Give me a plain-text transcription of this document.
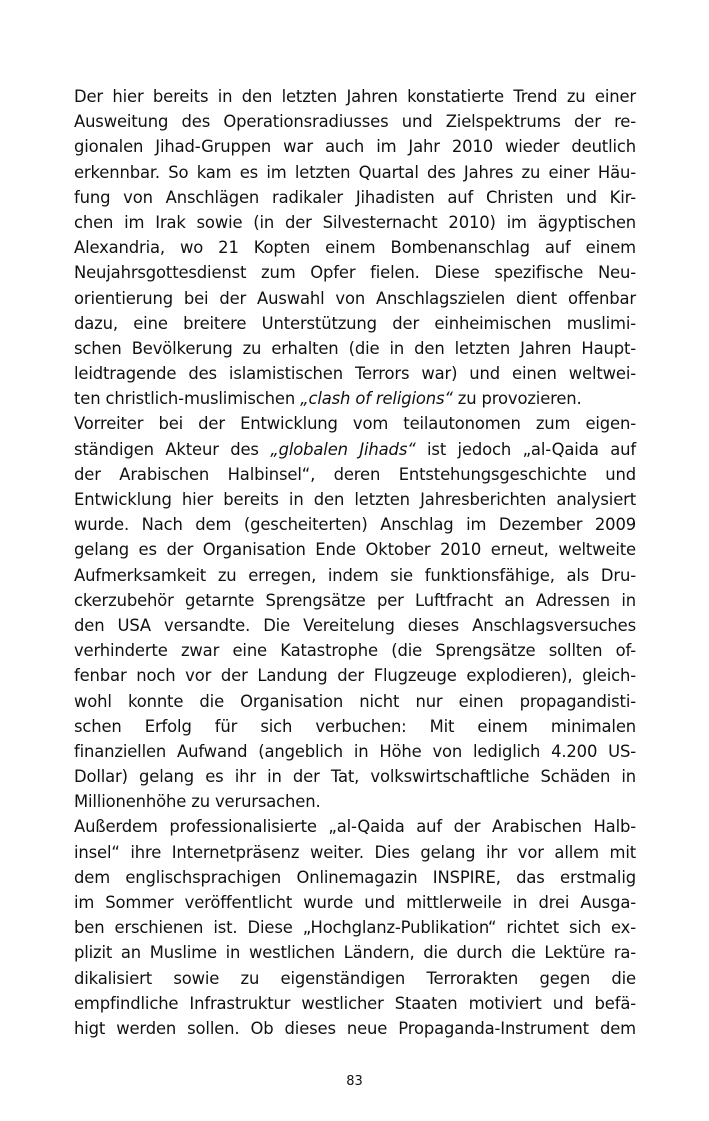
Der hier bereits in den letzten Jahren konstatierte Trend zu einer
Ausweitung des Operationsradiusses und Zielspektrums der re-
gionalen Jihad-Gruppen war auch im Jahr 2010 wieder deutlich
erkennbar. So kam es im letzten Quartal des Jahres zu einer Häu-
fung von Anschlägen radikaler Jihadisten auf Christen und Kir-
chen im Irak sowie (in der Silvesternacht 2010) im ägyptischen
Alexandria, wo 21 Kopten einem Bombenanschlag auf einem
Neujahrsgottesdienst zum Opfer fielen. Diese spezifische Neu-
orientierung bei der Auswahl von Anschlagszielen dient offenbar
dazu, eine breitere Unterstützung der einheimischen muslimi-
schen Bevölkerung zu erhalten (die in den letzten Jahren Haupt-
leidtragende des islamistischen Terrors war) und einen weltwei-
ten christlich-muslimischen „clash of religions“ zu provozieren.
Vorreiter bei der Entwicklung vom teilautonomen zum eigen-
ständigen Akteur des „globalen Jihads“ ist jedoch „al-Qaida auf
der Arabischen Halbinsel“, deren Entstehungsgeschichte und
Entwicklung hier bereits in den letzten Jahresberichten analysiert
wurde. Nach dem (gescheiterten) Anschlag im Dezember 2009
gelang es der Organisation Ende Oktober 2010 erneut, weltweite
Aufmerksamkeit zu erregen, indem sie funktionsfähige, als Dru-
ckerzubehör getarnte Sprengsätze per Luftfracht an Adressen in
den USA versandte. Die Vereitelung dieses Anschlagsversuches
verhinderte zwar eine Katastrophe (die Sprengsätze sollten of-
fenbar noch vor der Landung der Flugzeuge explodieren), gleich-
wohl konnte die Organisation nicht nur einen propagandisti-
schen Erfolg für sich verbuchen: Mit einem minimalen
finanziellen Aufwand (angeblich in Höhe von lediglich 4.200 US-
Dollar) gelang es ihr in der Tat, volkswirtschaftliche Schäden in
Millionenhöhe zu verursachen.
Außerdem professionalisierte „al-Qaida auf der Arabischen Halb-
insel“ ihre Internetpräsenz weiter. Dies gelang ihr vor allem mit
dem englischsprachigen Onlinemagazin INSPIRE, das erstmalig
im Sommer veröffentlicht wurde und mittlerweile in drei Ausga-
ben erschienen ist. Diese „Hochglanz-Publikation“ richtet sich ex-
plizit an Muslime in westlichen Ländern, die durch die Lektüre ra-
dikalisiert sowie zu eigenständigen Terrorakten gegen die
empfindliche Infrastruktur westlicher Staaten motiviert und befä-
higt werden sollen. Ob dieses neue Propaganda-Instrument dem
83
